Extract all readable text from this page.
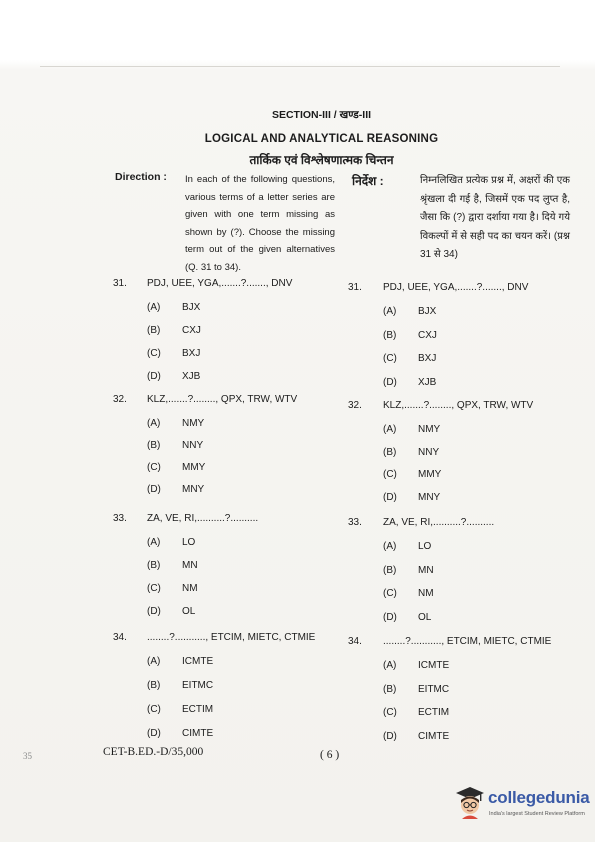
SECTION-III / खण्ड-III
LOGICAL AND ANALYTICAL REASONING
तार्किक एवं विश्लेषणात्मक चिन्तन
Direction : In each of the following questions, various terms of a letter series are given with one term missing as shown by (?). Choose the missing term out of the given alternatives (Q. 31 to 34).
निर्देश :	निम्नलिखित प्रत्येक प्रश्न में, अक्षरों की एक श्रृंखला दी गई है, जिसमें एक पद लुप्त है, जैसा कि (?) द्वारा दर्शाया गया है। दिये गये विकल्पों में से सही पद का चयन करें। (प्रश्न 31 से 34)
31. PDJ, UEE, YGA,.......?......., DNV
(A) BJX
(B) CXJ
(C) BXJ
(D) XJB
32. KLZ,.......?........, QPX, TRW, WTV
(A) NMY
(B) NNY
(C) MMY
(D) MNY
33. ZA, VE, RI,..........?..........
(A) LO
(B) MN
(C) NM
(D) OL
34. ........?..........., ETCIM, MIETC, CTMIE
(A) ICMTE
(B) EITMC
(C) ECTIM
(D) CIMTE
31. PDJ, UEE, YGA,.......?......., DNV
(A) BJX
(B) CXJ
(C) BXJ
(D) XJB
32. KLZ,.......?........, QPX, TRW, WTV
(A) NMY
(B) NNY
(C) MMY
(D) MNY
33. ZA, VE, RI,..........?..........
(A) LO
(B) MN
(C) NM
(D) OL
34. ........?..........., ETCIM, MIETC, CTMIE
(A) ICMTE
(B) EITMC
(C) ECTIM
(D) CIMTE
35	CET-B.ED.-D/35,000	( 6 )
collegedunia
India's largest Student Review Platform
